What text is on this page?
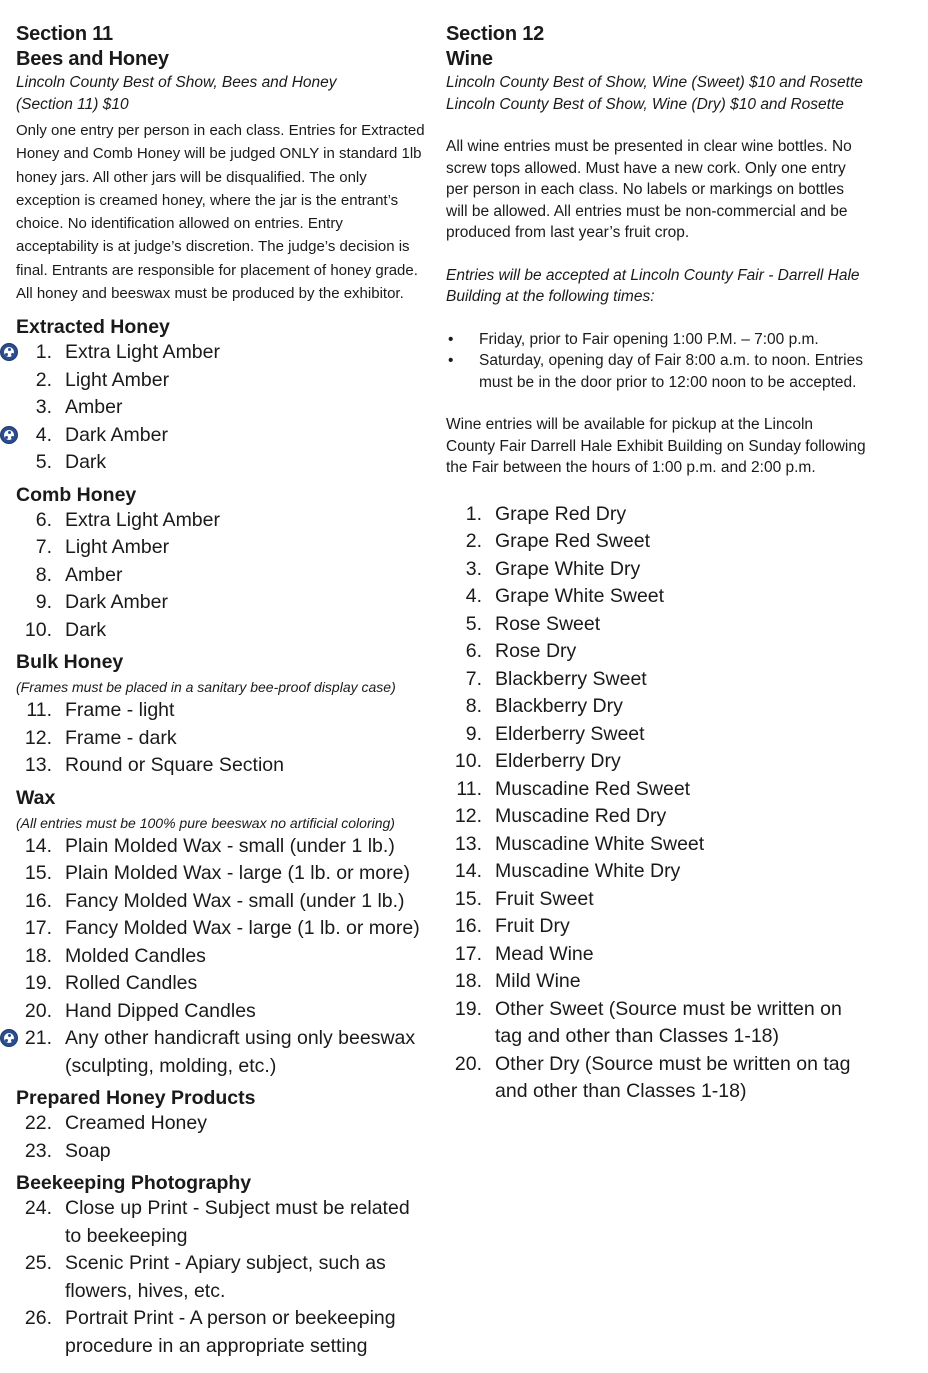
Section 11
Bees and Honey
Lincoln County Best of Show, Bees and Honey
(Section 11) $10
Only one entry per person in each class. Entries for Extracted Honey and Comb Honey will be judged ONLY in standard 1lb honey jars. All other jars will be disqualified. The only exception is creamed honey, where the jar is the entrant’s choice. No identification allowed on entries. Entry acceptability is at judge’s discretion. The judge’s decision is final. Entrants are responsible for placement of honey grade. All honey and beeswax must be produced by the exhibitor.
Extracted Honey
1. Extra Light Amber
2. Light Amber
3. Amber
4. Dark Amber
5. Dark
Comb Honey
6. Extra Light Amber
7. Light Amber
8. Amber
9. Dark Amber
10. Dark
Bulk Honey
(Frames must be placed in a sanitary bee-proof display case)
11. Frame - light
12. Frame - dark
13. Round or Square Section
Wax
(All entries must be 100% pure beeswax no artificial coloring)
14. Plain Molded Wax - small (under 1 lb.)
15. Plain Molded Wax - large (1 lb. or more)
16. Fancy Molded Wax - small (under 1 lb.)
17. Fancy Molded Wax - large (1 lb. or more)
18. Molded Candles
19. Rolled Candles
20. Hand Dipped Candles
21. Any other handicraft using only beeswax (sculpting, molding, etc.)
Prepared Honey Products
22. Creamed Honey
23. Soap
Beekeeping Photography
24. Close up Print - Subject must be related to beekeeping
25. Scenic Print - Apiary subject, such as flowers, hives, etc.
26. Portrait Print - A person or beekeeping procedure in an appropriate setting
Section 12
Wine
Lincoln County Best of Show, Wine (Sweet) $10 and Rosette
Lincoln County Best of Show, Wine (Dry) $10 and Rosette
All wine entries must be presented in clear wine bottles. No screw tops allowed. Must have a new cork. Only one entry per person in each class. No labels or markings on bottles will be allowed. All entries must be non-commercial and be produced from last year’s fruit crop.
Entries will be accepted at Lincoln County Fair - Darrell Hale Building at the following times:
• Friday, prior to Fair opening 1:00 P.M. – 7:00 p.m.
• Saturday, opening day of Fair 8:00 a.m. to noon. Entries must be in the door prior to 12:00 noon to be accepted.
Wine entries will be available for pickup at the Lincoln County Fair Darrell Hale Exhibit Building on Sunday following the Fair between the hours of 1:00 p.m. and 2:00 p.m.
1. Grape Red Dry
2. Grape Red Sweet
3. Grape White Dry
4. Grape White Sweet
5. Rose Sweet
6. Rose Dry
7. Blackberry Sweet
8. Blackberry Dry
9. Elderberry Sweet
10. Elderberry Dry
11. Muscadine Red Sweet
12. Muscadine Red Dry
13. Muscadine White Sweet
14. Muscadine White Dry
15. Fruit Sweet
16. Fruit Dry
17. Mead Wine
18. Mild Wine
19. Other Sweet (Source must be written on tag and other than Classes 1-18)
20. Other Dry (Source must be written on tag and other than Classes 1-18)
